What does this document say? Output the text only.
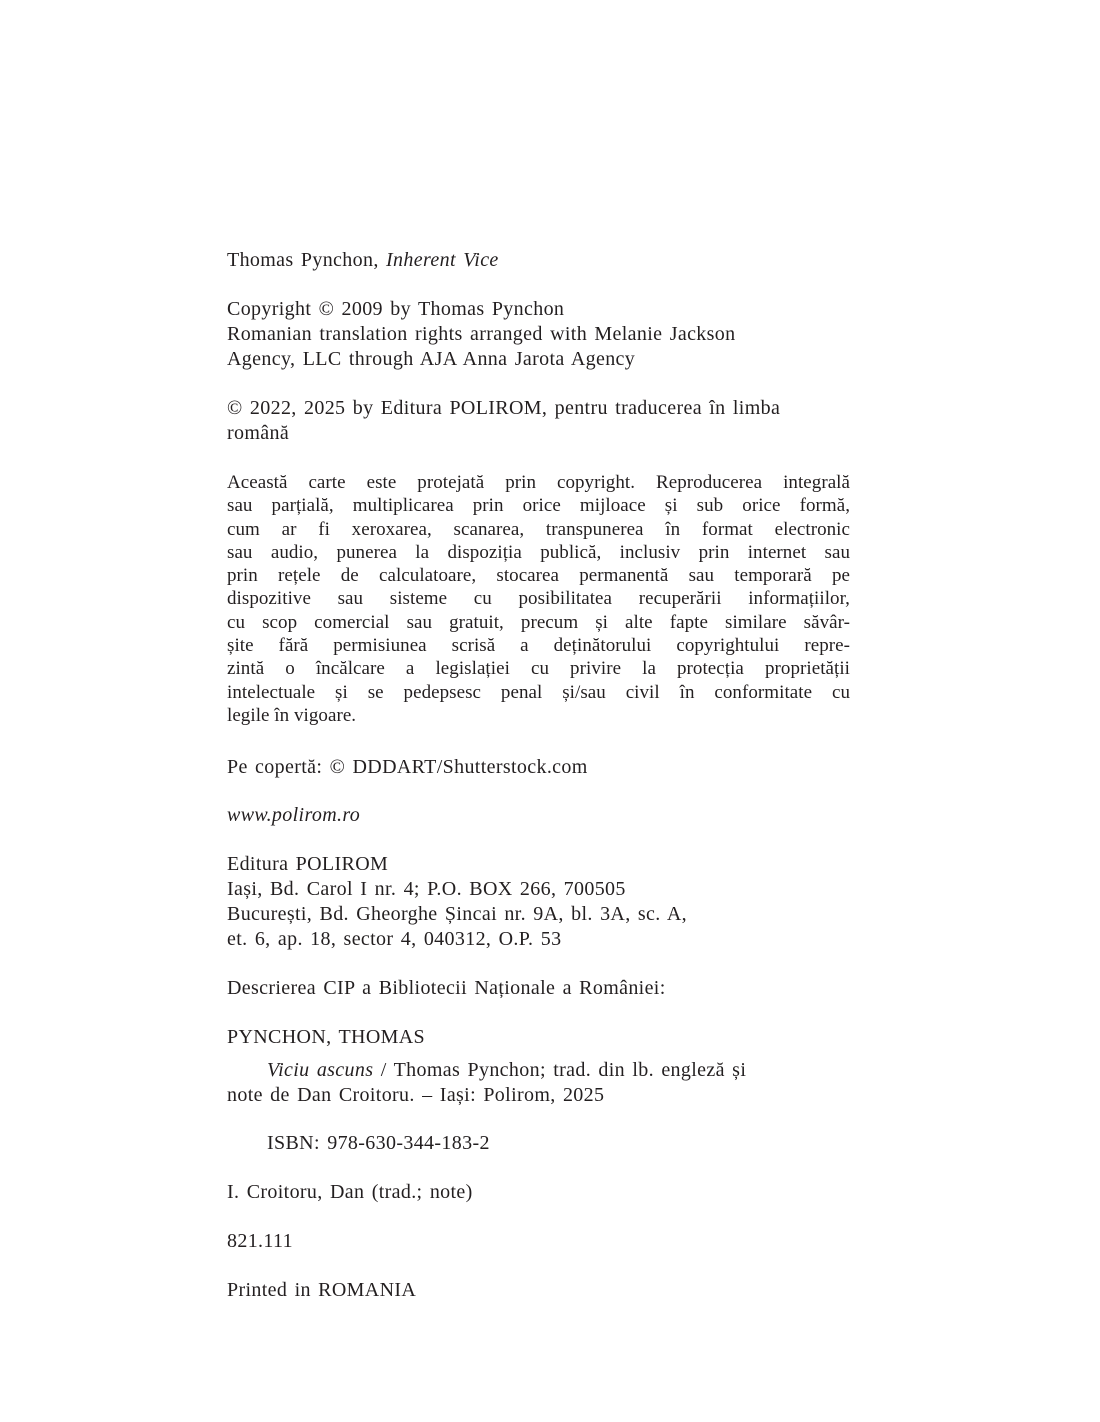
Thomas Pynchon, Inherent Vice

Copyright © 2009 by Thomas Pynchon
Romanian translation rights arranged with Melanie Jackson
Agency, LLC through AJA Anna Jarota Agency

© 2022, 2025 by Editura POLIROM, pentru traducerea în limba
română

Această carte este protejată prin copyright. Reproducerea integrală
sau parțială, multiplicarea prin orice mijloace și sub orice formă,
cum ar fi xeroxarea, scanarea, transpunerea în format electronic
sau audio, punerea la dispoziția publică, inclusiv prin internet sau
prin rețele de calculatoare, stocarea permanentă sau temporară pe
dispozitive sau sisteme cu posibilitatea recuperării informațiilor,
cu scop comercial sau gratuit, precum și alte fapte similare săvâr-
șite fără permisiunea scrisă a deținătorului copyrightului repre-
zintă o încălcare a legislației cu privire la protecția proprietății
intelectuale și se pedepsesc penal și/sau civil în conformitate cu
legile în vigoare.

Pe copertă: © DDDART/Shutterstock.com

www.polirom.ro

Editura POLIROM
Iași, Bd. Carol I nr. 4; P.O. BOX 266, 700505
București, Bd. Gheorghe Șincai nr. 9A, bl. 3A, sc. A,
et. 6, ap. 18, sector 4, 040312, O.P. 53

Descrierea CIP a Bibliotecii Naționale a României:

PYNCHON, THOMAS

Viciu ascuns / Thomas Pynchon; trad. din lb. engleză și
note de Dan Croitoru. – Iași: Polirom, 2025

ISBN: 978-630-344-183-2

I. Croitoru, Dan (trad.; note)

821.111

Printed in ROMANIA
